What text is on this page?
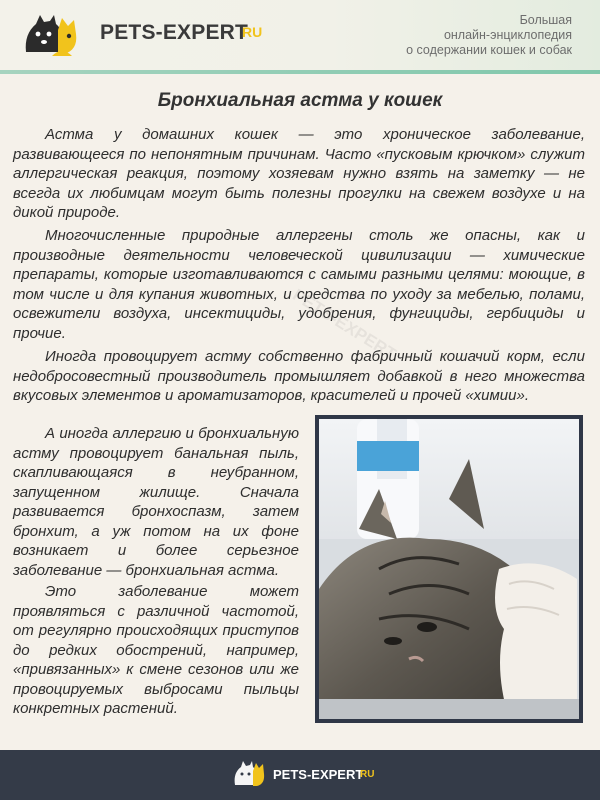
PETS-EXPERT
RU
Большая
онлайн-энциклопедия
о содержании кошек и собак
PETS-EXPERT
Бронхиальная астма у кошек

Астма у домашних кошек — это хроническое заболевание, развивающееся по непонятным причинам. Часто «пусковым крючком» служит аллергическая реакция, поэтому хозяевам нужно взять на заметку — не всегда их любимцам могут быть полезны прогулки на свежем воздухе и на дикой природе.

Многочисленные природные аллергены столь же опасны, как и производные деятельности человеческой цивилизации — химические препараты, которые изготавливаются с самыми разными целями: моющие, в том числе и для купания животных, и средства по уходу за мебелью, полами, освежители воздуха, инсектициды, удобрения, фунгициды, гербициды и прочие.

Иногда провоцирует астму собственно фабричный кошачий корм, если недобросовестный производитель промышляет добавкой в него множества вкусовых элементов и ароматизаторов, красителей и прочей «химии».

А иногда аллергию и бронхиальную астму провоцирует банальная пыль, скапливающаяся в неубранном, запущенном жилище. Сначала развивается бронхоспазм, затем бронхит, а уж потом на их фоне возникает и более серьезное заболевание — бронхиальная астма.

Это заболевание может проявляться с различной частотой, от регулярно происходящих приступов до редких обострений, например, «привязанных» к смене сезонов или же провоцируемых выбросами пыльцы конкретных растений.

PETS-EXPERT
RU
